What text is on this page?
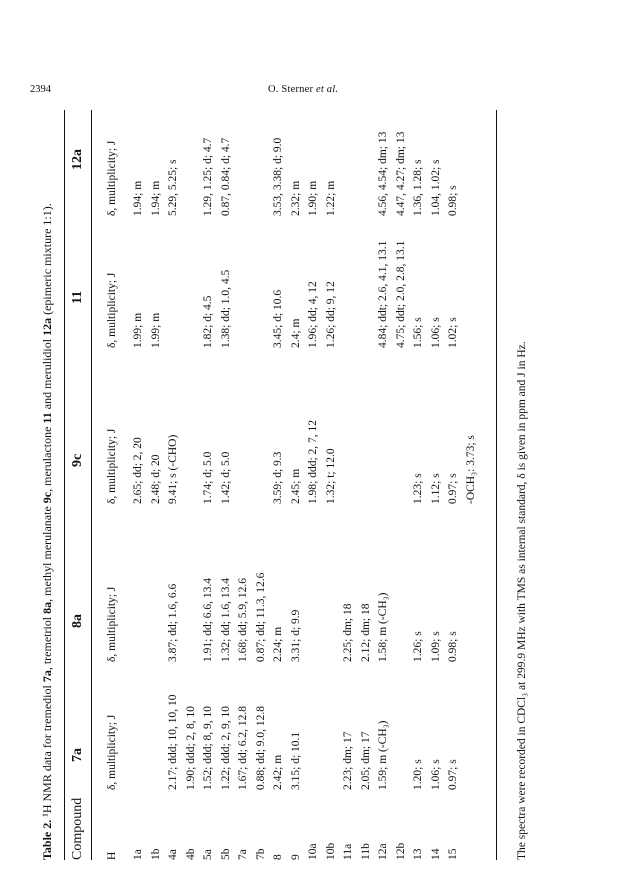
2394	O. Sterner et al.
Table 2. ¹H NMR data for tremediol 7a, tremetriol 8a, methyl merulanate 9c, merulactone 11 and merulidiol 12a (epimeric mixture 1:1).
Compound
7a
8a
9c
11
12a
H
δ, multiplicity; J
δ, multiplicity; J
δ, multiplicity; J
δ, multiplicity; J
δ, multiplicity; J
1a
2.65; dd; 2, 20
1.99; m
1.94; m
1b
2.48; d; 20
1.99; m
1.94; m
4a
2.17; ddd; 10, 10, 10
3.87; dd; 1.6, 6.6
9.41; s (-CHO)
5.29, 5.25; s
4b
1.90; ddd; 2, 8, 10
5a
1.52; ddd; 8, 9, 10
1.91; dd; 6.6, 13.4
1.74; d; 5.0
1.82; d; 4.5
1.29, 1.25; d; 4.7
5b
1.22; ddd; 2, 9, 10
1.32; dd; 1.6, 13.4
1.42; d; 5.0
1.38; dd; 1.0, 4.5
0.87, 0.84; d; 4.7
7a
1.67; dd; 6.2, 12.8
1.68; dd; 5.9, 12.6
7b
0.88; dd; 9.0, 12.8
0.87; dd; 11.3, 12.6
8
2.42; m
2.24; m
3.59; d; 9.3
3.45; d; 10.6
3.53, 3.38; d; 9.0
9
3.15; d; 10.1
3.31; d; 9.9
2.45; m
2.4; m
2.32; m
10a
1.98; ddd; 2, 7, 12
1.96; dd; 4, 12
1.90; m
10b
1.32; t; 12.0
1.26; dd; 9, 12
1.22; m
11a
2.23; dm; 17
2.25; dm; 18
11b
2.05; dm; 17
2.12; dm; 18
12a
1.59; m (-CH₃)
1.58; m (-CH₃)
4.84; ddt; 2.6, 4.1, 13.1
4.56, 4.54; dm; 13
12b
4.75; ddt; 2.0, 2.8, 13.1
4.47, 4.27; dm; 13
13
1.20; s
1.26; s
1.23; s
1.56; s
1.36, 1.28; s
14
1.06; s
1.09; s
1.12; s
1.06; s
1.04, 1.02; s
15
0.97; s
0.98; s
0.97; s
1.02; s
0.98; s
-OCH₃: 3.73; s	The spectra were recorded in CDCl₃ at 299.9 MHz with TMS as internal standard, δ is given in ppm and J in Hz.
